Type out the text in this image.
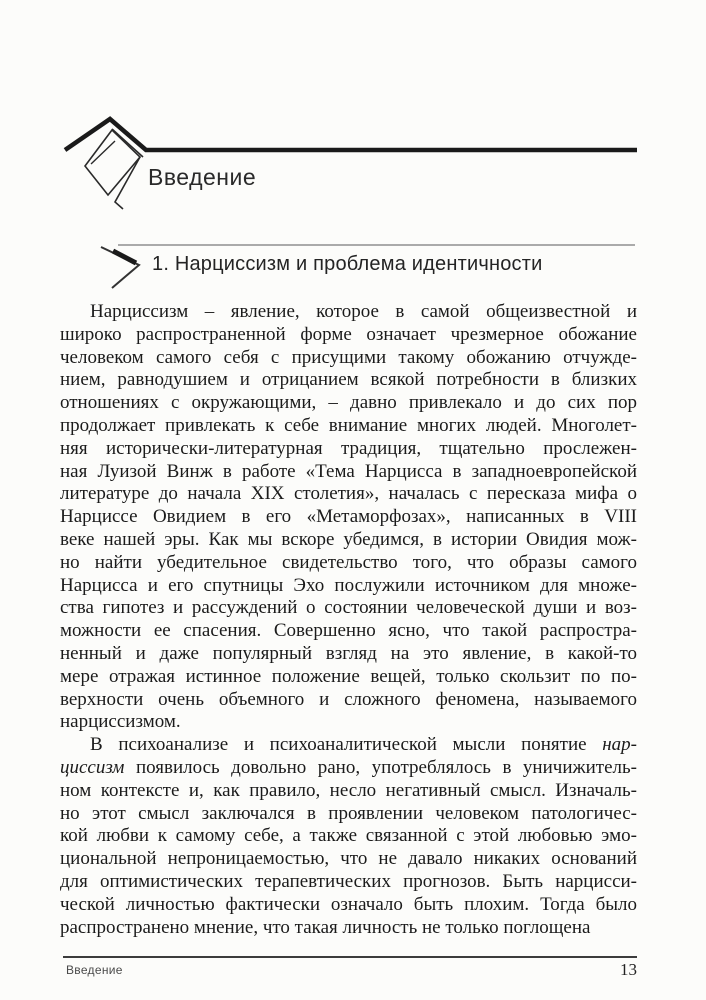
Введение
1. Нарциссизм и проблема идентичности
Нарциссизм – явление, которое в самой общеизвестной и
широко распространенной форме означает чрезмерное обожание
человеком самого себя с присущими такому обожанию отчужде-
нием, равнодушием и отрицанием всякой потребности в близких
отношениях с окружающими, – давно привлекало и до сих пор
продолжает привлекать к себе внимание многих людей. Многолет-
няя исторически-литературная традиция, тщательно прослежен-
ная Луизой Винж в работе «Тема Нарцисса в западноевропейской
литературе до начала XIX столетия», началась с пересказа мифа о
Нарциссе Овидием в его «Метаморфозах», написанных в VIII
веке нашей эры. Как мы вскоре убедимся, в истории Овидия мож-
но найти убедительное свидетельство того, что образы самого
Нарцисса и его спутницы Эхо послужили источником для множе-
ства гипотез и рассуждений о состоянии человеческой души и воз-
можности ее спасения. Совершенно ясно, что такой распростра-
ненный и даже популярный взгляд на это явление, в какой-то
мере отражая истинное положение вещей, только скользит по по-
верхности очень объемного и сложного феномена, называемого
нарциссизмом.
В психоанализе и психоаналитической мысли понятие нар-
циссизм появилось довольно рано, употреблялось в уничижитель-
ном контексте и, как правило, несло негативный смысл. Изначаль-
но этот смысл заключался в проявлении человеком патологичес-
кой любви к самому себе, а также связанной с этой любовью эмо-
циональной непроницаемостью, что не давало никаких оснований
для оптимистических терапевтических прогнозов. Быть нарцисси-
ческой личностью фактически означало быть плохим. Тогда было
распространено мнение, что такая личность не только поглощена
Введение	13
